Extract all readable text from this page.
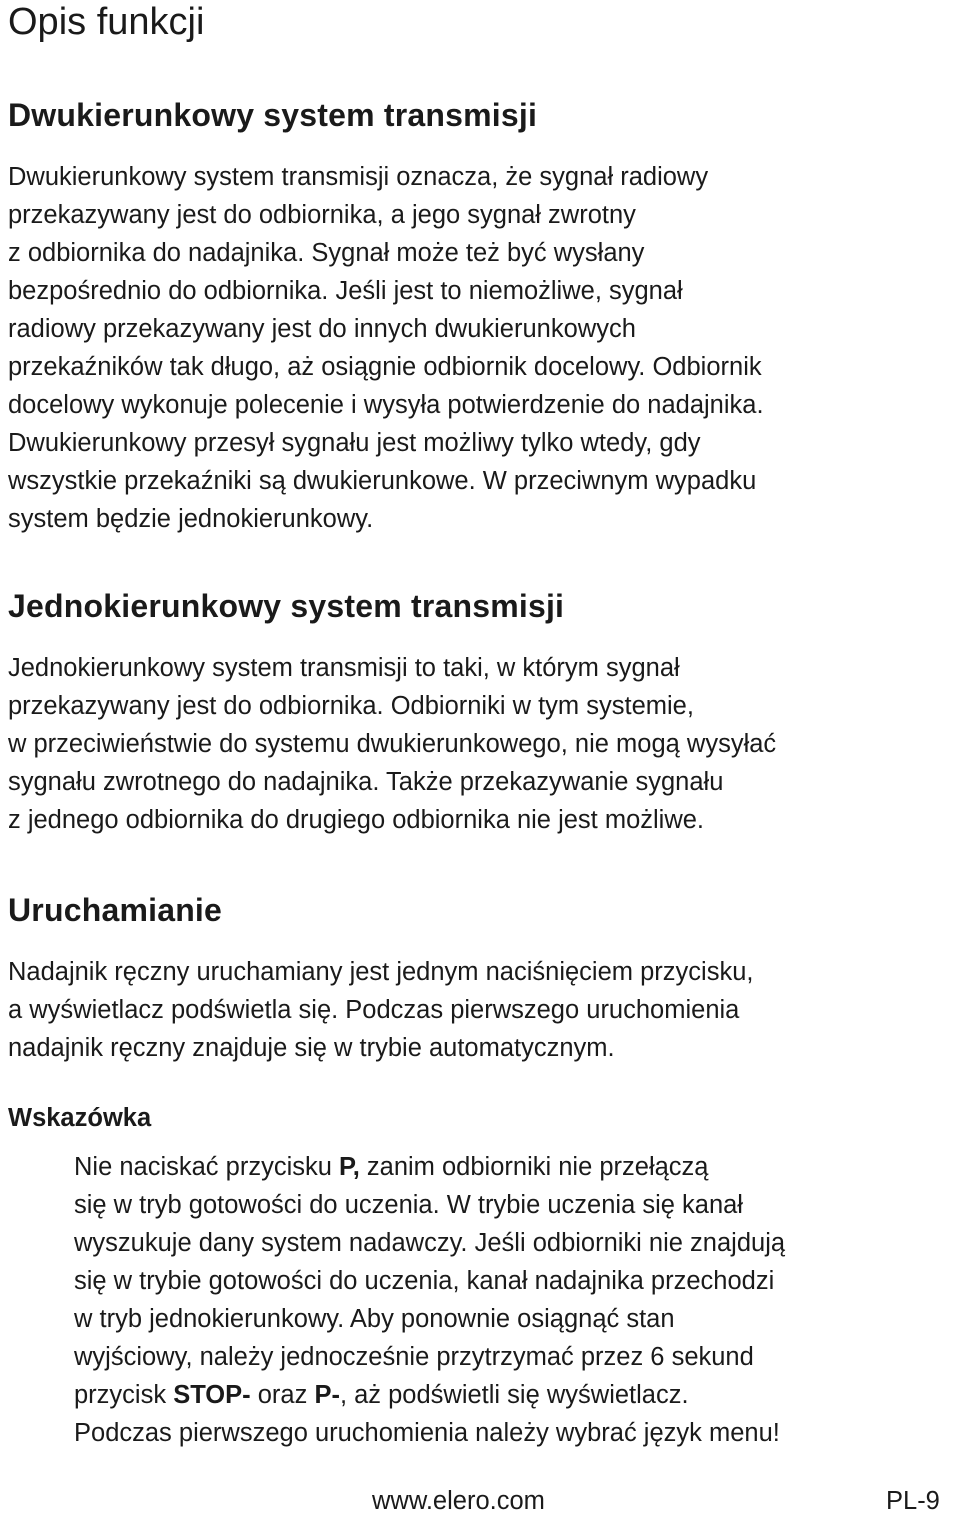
Opis funkcji
Dwukierunkowy system transmisji

Dwukierunkowy system transmisji oznacza, że sygnał radiowy
przekazywany jest do odbiornika, a jego sygnał zwrotny
z odbiornika do nadajnika. Sygnał może też być wysłany
bezpośrednio do odbiornika. Jeśli jest to niemożliwe, sygnał
radiowy przekazywany jest do innych dwukierunkowych
przekaźników tak długo, aż osiągnie odbiornik docelowy. Odbiornik
docelowy wykonuje polecenie i wysyła potwierdzenie do nadajnika.
Dwukierunkowy przesył sygnału jest możliwy tylko wtedy, gdy
wszystkie przekaźniki są dwukierunkowe. W przeciwnym wypadku
system będzie jednokierunkowy.

Jednokierunkowy system transmisji

Jednokierunkowy system transmisji to taki, w którym sygnał
przekazywany jest do odbiornika. Odbiorniki w tym systemie,
w przeciwieństwie do systemu dwukierunkowego, nie mogą wysyłać
sygnału zwrotnego do nadajnika. Także przekazywanie sygnału
z jednego odbiornika do drugiego odbiornika nie jest możliwe.

Uruchamianie

Nadajnik ręczny uruchamiany jest jednym naciśnięciem przycisku,
a wyświetlacz podświetla się. Podczas pierwszego uruchomienia
nadajnik ręczny znajduje się w trybie automatycznym.

Wskazówka

Nie naciskać przycisku P, zanim odbiorniki nie przełączą
się w tryb gotowości do uczenia. W trybie uczenia się kanał
wyszukuje dany system nadawczy. Jeśli odbiorniki nie znajdują
się w trybie gotowości do uczenia, kanał nadajnika przechodzi
w tryb jednokierunkowy. Aby ponownie osiągnąć stan
wyjściowy, należy jednocześnie przytrzymać przez 6 sekund
przycisk STOP- oraz P-, aż podświetli się wyświetlacz.
Podczas pierwszego uruchomienia należy wybrać język menu!

www.elero.com	PL-9
